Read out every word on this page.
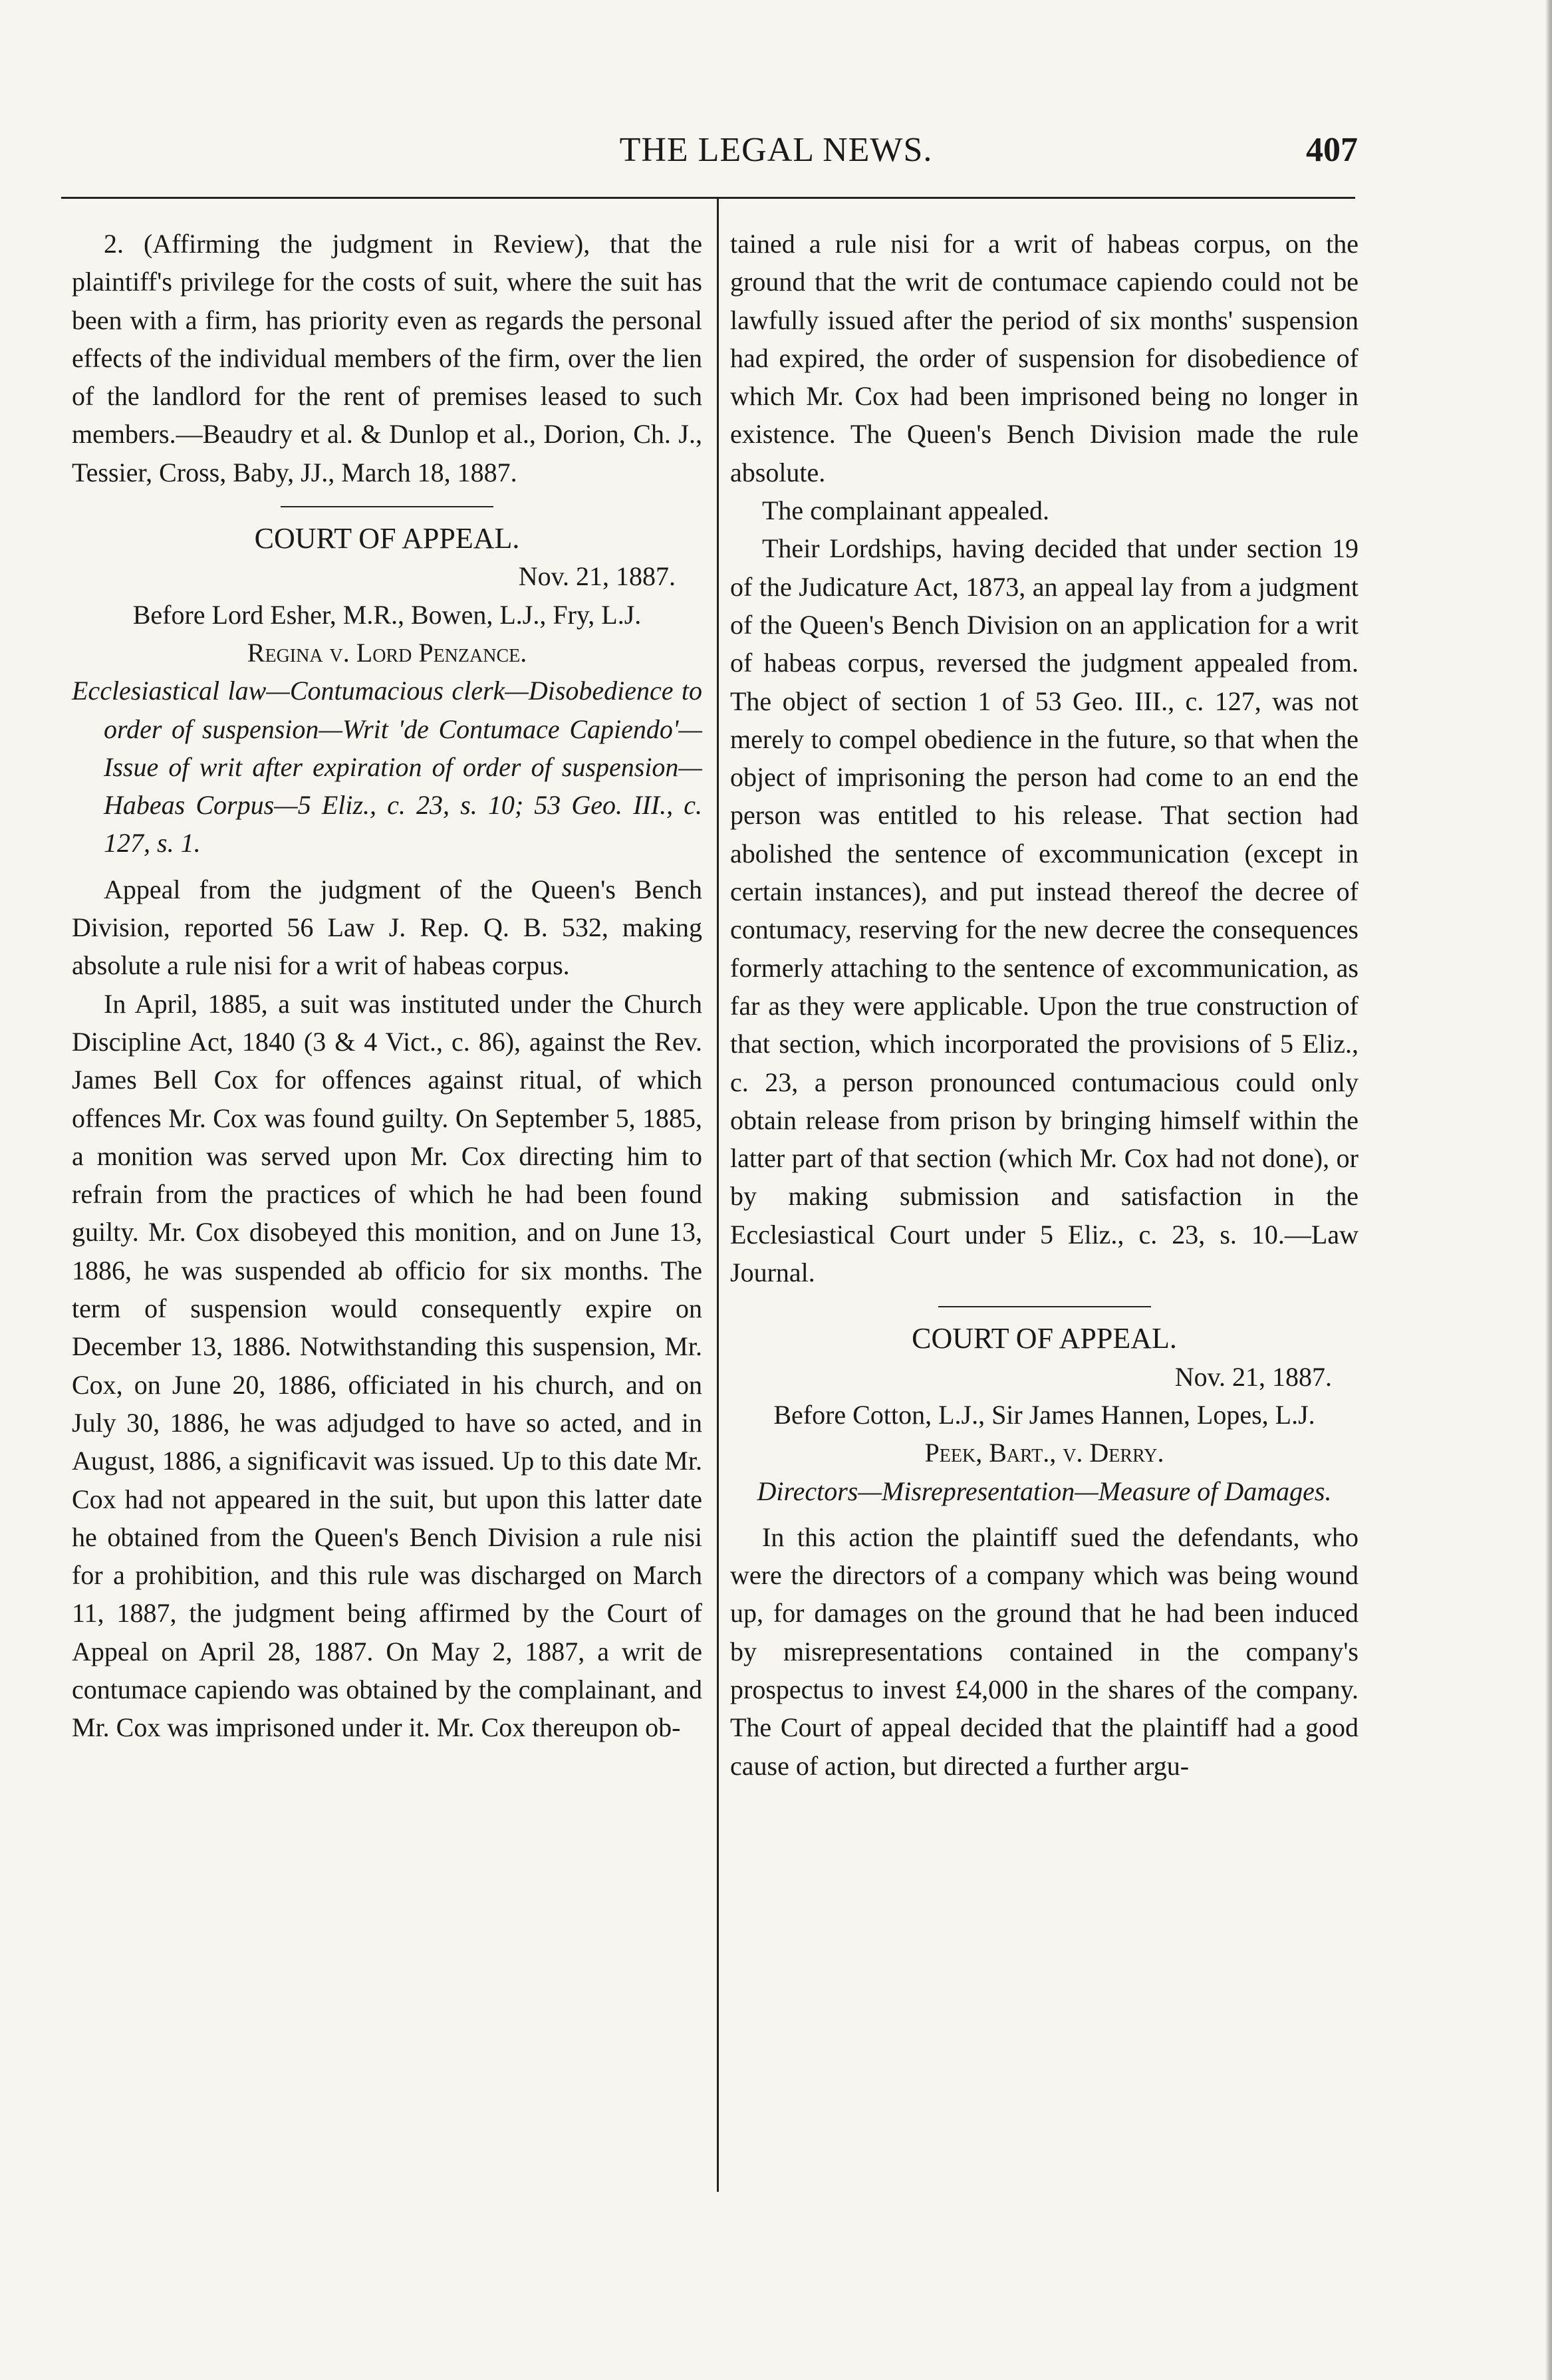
THE LEGAL NEWS.	407

2. (Affirming the judgment in Review), that the plaintiff's privilege for the costs of suit, where the suit has been with a firm, has priority even as regards the personal effects of the individual members of the firm, over the lien of the landlord for the rent of premises leased to such members.—Beaudry et al. & Dunlop et al., Dorion, Ch. J., Tessier, Cross, Baby, JJ., March 18, 1887.

COURT OF APPEAL.

Nov. 21, 1887.

Before Lord Esher, M.R., Bowen, L.J., Fry, L.J.

Regina v. Lord Penzance.

Ecclesiastical law—Contumacious clerk—Disobedience to order of suspension—Writ 'de Contumace Capiendo'—Issue of writ after expiration of order of suspension—Habeas Corpus—5 Eliz., c. 23, s. 10; 53 Geo. III., c. 127, s. 1.

Appeal from the judgment of the Queen's Bench Division, reported 56 Law J. Rep. Q. B. 532, making absolute a rule nisi for a writ of habeas corpus.

In April, 1885, a suit was instituted under the Church Discipline Act, 1840 (3 & 4 Vict., c. 86), against the Rev. James Bell Cox for offences against ritual, of which offences Mr. Cox was found guilty. On September 5, 1885, a monition was served upon Mr. Cox directing him to refrain from the practices of which he had been found guilty. Mr. Cox disobeyed this monition, and on June 13, 1886, he was suspended ab officio for six months. The term of suspension would consequently expire on December 13, 1886. Notwithstanding this suspension, Mr. Cox, on June 20, 1886, officiated in his church, and on July 30, 1886, he was adjudged to have so acted, and in August, 1886, a significavit was issued. Up to this date Mr. Cox had not appeared in the suit, but upon this latter date he obtained from the Queen's Bench Division a rule nisi for a prohibition, and this rule was discharged on March 11, 1887, the judgment being affirmed by the Court of Appeal on April 28, 1887. On May 2, 1887, a writ de contumace capiendo was obtained by the complainant, and Mr. Cox was imprisoned under it. Mr. Cox thereupon ob-

tained a rule nisi for a writ of habeas corpus, on the ground that the writ de contumace capiendo could not be lawfully issued after the period of six months' suspension had expired, the order of suspension for disobedience of which Mr. Cox had been imprisoned being no longer in existence. The Queen's Bench Division made the rule absolute.

The complainant appealed.

Their Lordships, having decided that under section 19 of the Judicature Act, 1873, an appeal lay from a judgment of the Queen's Bench Division on an application for a writ of habeas corpus, reversed the judgment appealed from. The object of section 1 of 53 Geo. III., c. 127, was not merely to compel obedience in the future, so that when the object of imprisoning the person had come to an end the person was entitled to his release. That section had abolished the sentence of excommunication (except in certain instances), and put instead thereof the decree of contumacy, reserving for the new decree the consequences formerly attaching to the sentence of excommunication, as far as they were applicable. Upon the true construction of that section, which incorporated the provisions of 5 Eliz., c. 23, a person pronounced contumacious could only obtain release from prison by bringing himself within the latter part of that section (which Mr. Cox had not done), or by making submission and satisfaction in the Ecclesiastical Court under 5 Eliz., c. 23, s. 10.—Law Journal.

COURT OF APPEAL.

Nov. 21, 1887.

Before Cotton, L.J., Sir James Hannen, Lopes, L.J.

Peek, Bart., v. Derry.

Directors—Misrepresentation—Measure of Damages.

In this action the plaintiff sued the defendants, who were the directors of a company which was being wound up, for damages on the ground that he had been induced by misrepresentations contained in the company's prospectus to invest £4,000 in the shares of the company. The Court of appeal decided that the plaintiff had a good cause of action, but directed a further argu-
